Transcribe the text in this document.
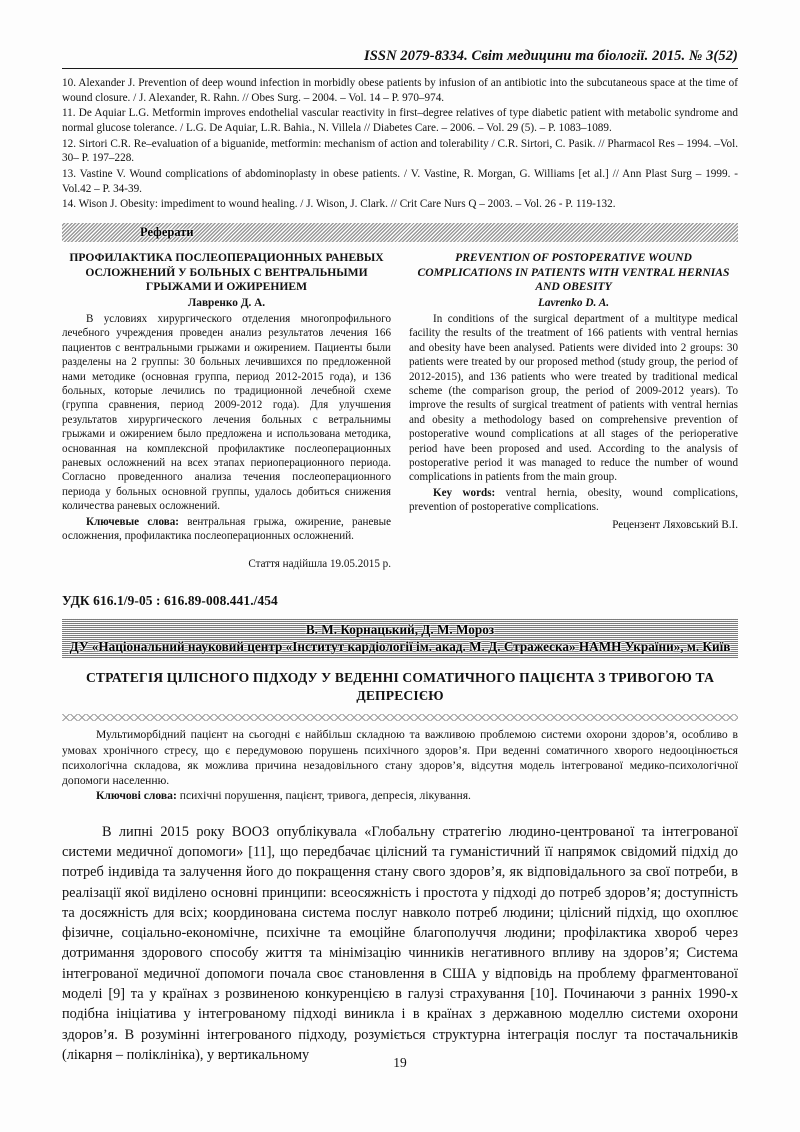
ISSN 2079-8334. Світ медицини та біології. 2015. № 3(52)

10. Alexander J. Prevention of deep wound infection in morbidly obese patients by infusion of an antibiotic into the subcutaneous space at the time of wound closure. / J. Alexander, R. Rahn. // Obes Surg. – 2004. – Vol. 14 – P. 970–974.

11. De Aquiar L.G. Metformin improves endothelial vascular reactivity in first–degree relatives of type diabetic patient with metabolic syndrome and normal glucose tolerance. / L.G. De Aquiar, L.R. Bahia., N. Villela // Diabetes Care. – 2006. – Vol. 29 (5). – P. 1083–1089.

12. Sirtori C.R. Re–evaluation of a biguanide, metformin: mechanism of action and tolerability / C.R. Sirtori, C. Pasik. // Pharmacol Res – 1994. –Vol. 30– P. 197–228.

13. Vastine V. Wound complications of abdominoplasty in obese patients. / V. Vastine, R. Morgan, G. Williams [et al.] // Ann Plast Surg – 1999. - Vol.42 – P. 34-39.

14. Wison J. Obesity: impediment to wound healing. / J. Wison, J. Clark. // Crit Care Nurs Q – 2003. – Vol. 26 - P. 119-132.

Реферати
ПРОФИЛАКТИКА ПОСЛЕОПЕРАЦИОННЫХ РАНЕВЫХ ОСЛОЖНЕНИЙ У БОЛЬНЫХ С ВЕНТРАЛЬНЫМИ ГРЫЖАМИ И ОЖИРЕНИЕМ
Лавренко Д. А.

В условиях хирургического отделения многопрофильного лечебного учреждения проведен анализ результатов лечения 166 пациентов с вентральными грыжами и ожирением. Пациенты были разделены на 2 группы: 30 больных лечившихся по предложенной нами методике (основная группа, период 2012-2015 года), и 136 больных, которые лечились по традиционной лечебной схеме (группа сравнения, период 2009-2012 года). Для улучшения результатов хирургического лечения больных с ветральнимы грыжами и ожирением было предложена и использована методика, основанная на комплексной профилактике послеоперационных раневых осложнений на всех этапах периоперационного периода. Согласно проведенного анализа течения послеоперационного периода у больных основной группы, удалось добиться снижения количества раневых осложнений.

Ключевые слова: вентральная грыжа, ожирение, раневые осложнения, профилактика послеоперационных осложнений.
Стаття надійшла 19.05.2015 р.
PREVENTION OF POSTOPERATIVE WOUND COMPLICATIONS IN PATIENTS WITH VENTRAL HERNIAS AND OBESITY
Lavrenko D. A.

In conditions of the surgical department of a multitype medical facility the results of the treatment of 166 patients with ventral hernias and obesity have been analysed. Patients were divided into 2 groups: 30 patients were treated by our proposed method (study group, the period of 2012-2015), and 136 patients who were treated by traditional medical scheme (the comparison group, the period of 2009-2012 years). To improve the results of surgical treatment of patients with ventral hernias and obesity a methodology based on comprehensive prevention of postoperative wound complications at all stages of the perioperative period have been proposed and used. According to the analysis of postoperative period it was managed to reduce the number of wound complications in patients from the main group.

Key words: ventral hernia, obesity, wound complications, prevention of postoperative complications.
Рецензент Ляховський В.І.
УДК 616.1/9-05 : 616.89-008.441./454
В. М. Корнацький, Д. М. Мороз
ДУ «Національний науковий центр «Інститут кардіології ім. акад. М. Д. Стражеска» НАМН України», м. Київ
СТРАТЕГІЯ ЦІЛІСНОГО ПІДХОДУ У ВЕДЕННІ СОМАТИЧНОГО ПАЦІЄНТА З ТРИВОГОЮ ТА ДЕПРЕСІЄЮ

Мультиморбідний пацієнт на сьогодні є найбільш складною та важливою проблемою системи охорони здоров’я, особливо в умовах хронічного стресу, що є передумовою порушень психічного здоров’я. При веденні соматичного хворого недооцінюється психологічна складова, як можлива причина незадовільного стану здоров’я, відсутня модель інтегрованої медико-психологічної допомоги населенню.

Ключові слова: психічні порушення, пацієнт, тривога, депресія, лікування.

В липні 2015 року ВООЗ опублікувала «Глобальну стратегію людино-центрованої та інтегрованої системи медичної допомоги» [11], що передбачає цілісний та гуманістичний її напрямок свідомий підхід до потреб індивіда та залучення його до покращення стану свого здоров’я, як відповідального за свої потреби, в реалізації якої виділено основні принципи: всеосяжність і простота у підході до потреб здоров’я; доступність та досяжність для всіх; координована система послуг навколо потреб людини; цілісний підхід, що охоплює фізичне, соціально-економічне, психічне та емоційне благополуччя людини; профілактика хвороб через дотримання здорового способу життя та мінімізацію чинників негативного впливу на здоров’я; Система інтегрованої медичної допомоги почала своє становлення в США у відповідь на проблему фрагментованої моделі [9] та у країнах з розвиненою конкуренцією в галузі страхування [10]. Починаючи з ранніх 1990-х подібна ініціатива у інтегрованому підході виникла і в країнах з державною моделлю системи охорони здоров’я. В розумінні інтегрованого підходу, розуміється структурна інтеграція послуг та постачальників (лікарня – поліклініка), у вертикальному	19
